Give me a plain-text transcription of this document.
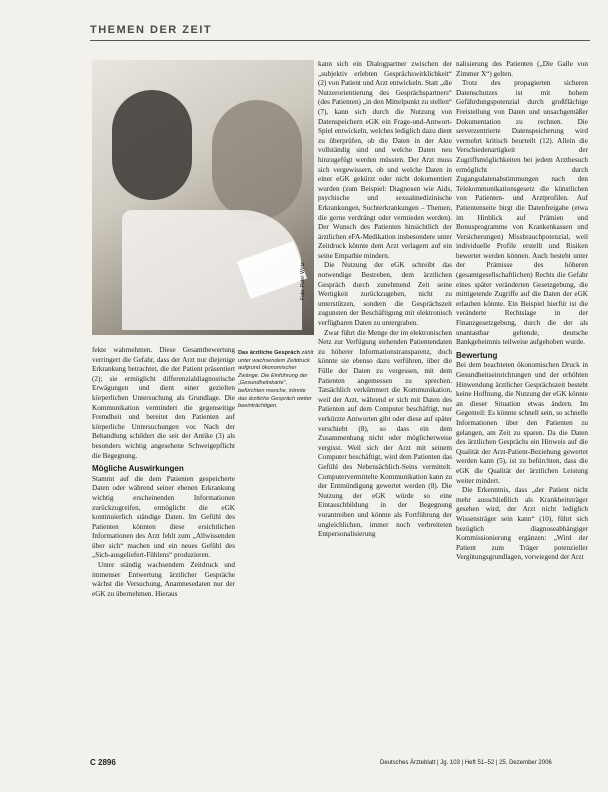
THEMEN DER ZEIT
Foto: Peter Wirtz

fekte wahrnehmen. Diese Gesamtbewertung verringert die Gefahr, dass der Arzt nur diejenige Erkrankung betrachtet, die der Patient präsentiert (2); sie ermöglicht differenzialdiagnostische Erwägungen und dient einer gezielten körperlichen Untersuchung als Grundlage. Die Kommunikation vermindert die gegenseitige Fremdheit und bereitet den Patienten auf körperliche Untersuchungen vor. Nach der Behandlung schildert die seit der Antike (3) als besonders wichtig angesehene Schweigepflicht die Begegnung.

Mögliche Auswirkungen

Stammt auf die dem Patienten gespeicherte Daten oder während seiner ebenen Erkrankung wichtig erscheinenden Informationen zurückzugreifen, ermöglicht die eGK kontinuierlich ständige Daten. Im Gefühl des Patienten könnten diese ersichtlichen Informationen des Arzt fehlt zum „Allwissenden über sich“ machen und ein neues Gefühl des „Sich-ausgeliefert-Fühlens“ produzieren.

Unter ständig wachsendem Zeitdruck und immenser Entwertung ärztlicher Gespräche wächst die Versuchung, Anamnesedaten nur der eGK zu übernehmen. Hieraus

Das ärztliche Gespräch zählt unter wachsendem Zeitdruck aufgrund ökonomischer Zwänge. Die Einführung der „Gesundheitskarte“, befürchten manche, könnte das ärztliche Gespräch weiter beeinträchtigen.

kann sich ein Dialogpartner zwischen der „subjektiv erlebten Gesprächswirklichkeit“ (2) von Patient und Arzt entwickeln. Statt „die Nutzerorientierung des Gesprächspartners“ (des Patienten) „in den Mittelpunkt zu stellen“ (7), kann sich durch die Nutzung von Datenspeichern eGK ein Frage-und-Antwort-Spiel entwickeln, welches lediglich dazu dient zu überprüfen, ob die Daten in der Akte vollständig sind und welche Daten neu hinzugefügt werden müssten. Der Arzt muss sich vergewissern, ob und welche Daten in einer eGK gekürzt oder nicht dokumentiert wurden (zum Beispiel: Diagnosen wie Aids, psychische und sexualmedizinische Erkrankungen, Suchterkrankungen – Themen, die gerne verdrängt oder vermieden werden). Der Wunsch des Patienten hinsichtlich der ärztlichen eFA-Medikation insbesondere unter Zeitdruck könnte dem Arzt verlagern auf ein seine Empathie mindern.

Die Nutzung der eGK schreibt das notwendige Bestreben, dem ärztlichen Gespräch durch zunehmend Zeit seine Wertigkeit zurückzugeben, nicht zu unterstützen, sondern die Gesprächszeit zugunsten der Beschäftigung mit elektronisch verfügbaren Daten zu untergraben.

Zwar führt die Menge der im elektronischen Netz zur Verfügung stehenden Patientendaten zu höherer Informationstransparenz, doch könnte sie ebenso dazu verführen, über die Fülle der Daten zu vergessen, mit dem Patienten angemessen zu sprechen. Tatsächlich verkümmert die Kommunikation, weil der Arzt, während er sich mit Daten des Patienten auf dem Computer beschäftigt, nur verkürzte Antworten gibt oder diese auf später verschiebt (8), so dass ein dem Zusammenhang nicht oder möglicherweise vergisst. Weil sich der Arzt mit seinem Computer beschäftigt, wird dem Patienten das Gefühl des Nebensächlich-Seins vermittelt. Computervermittelte Kommunikation kann zu der Entmündigung gewertet werden (8). Die Nutzung der eGK würde so eine Eintauschbildung in der Begegnung vorantreiben und könnte als Fortführung der ungleichlichen, immer noch verbreiteten Entpersonalisierung

nalisierung des Patienten („Die Galle von Zimmer X“) gelten.

Trotz des propagierten sicheren Datenschutzes ist mit hohem Gefährdungspotenzial durch großflächige Freistellung von Daten und unsachgemäßer Dokumentation zu rechnen. Die serverzentrierte Datenspeicherung wird vermehrt kritisch beurteilt (12). Allein die Verschiedenartigkeit der Zugriffsmöglichkeiten bei jedem Arztbesuch ermöglicht durch Zugangsdatenabstimmungen nach den Telekommunikationsgesetz die künstlichen von Patienten- und Arztprofilen. Auf Patientenseite birgt die Datenfreigabe (etwa im Hinblick auf Prämien und Bonusprogramme von Krankenkassen und Versicherungen) Missbrauchpotenzial, weil individuelle Profile erstellt und Risiken bewertet werden können. Auch besteht unter der Prämisse des höheren (gesamtgesellschaftlichen) Rechts die Gefahr eines später veränderten Gesetzgebung, die mittigetende Zugriffe auf die Daten der eGK erlauben könnte. Ein Beispiel hierfür ist die veränderte Rechtslage in der Finanzgesetzgebung, durch die der als unantastbar geltende, deutsche Bankgeheimnis teilweise aufgehoben wurde.

Bewertung

Bei dem beachteten ökonomischen Druck in Gesundheitseinrichtungen und der erhöhten Hinwendung ärztlicher Gesprächszeit besteht keine Hoffnung, die Nutzung der eGK könnte an dieser Situation etwas ändern. Im Gegenteil: Es könnte schnell sein, so schnelle Informationen über den Patienten zu gelangen, am Zeit zu sparen. Da die Daten des ärztlichen Gesprächs ein Hinweis auf die Qualität der Arzt-Patient-Beziehung gewertet werden kann (5), ist zu befürchten, dass die eGK die Qualität der ärztlichen Leistung weiter mindert.

Die Erkenntnis, dass „der Patient nicht mehr ausschließlich als Krankheitsträger gesehen wird, der Arzt nicht lediglich Wissensträger sein kann“ (10), führt sich bezüglich diagnoseabhängiger Kommissionierung ergänzen: „Wird der Patient zum Träger potenzieller Vergütungsgrundlagen, vorwiegend der Arzt

C 2896	Deutsches Ärzteblatt | Jg. 103 | Heft 51–52 | 25. Dezember 2006
